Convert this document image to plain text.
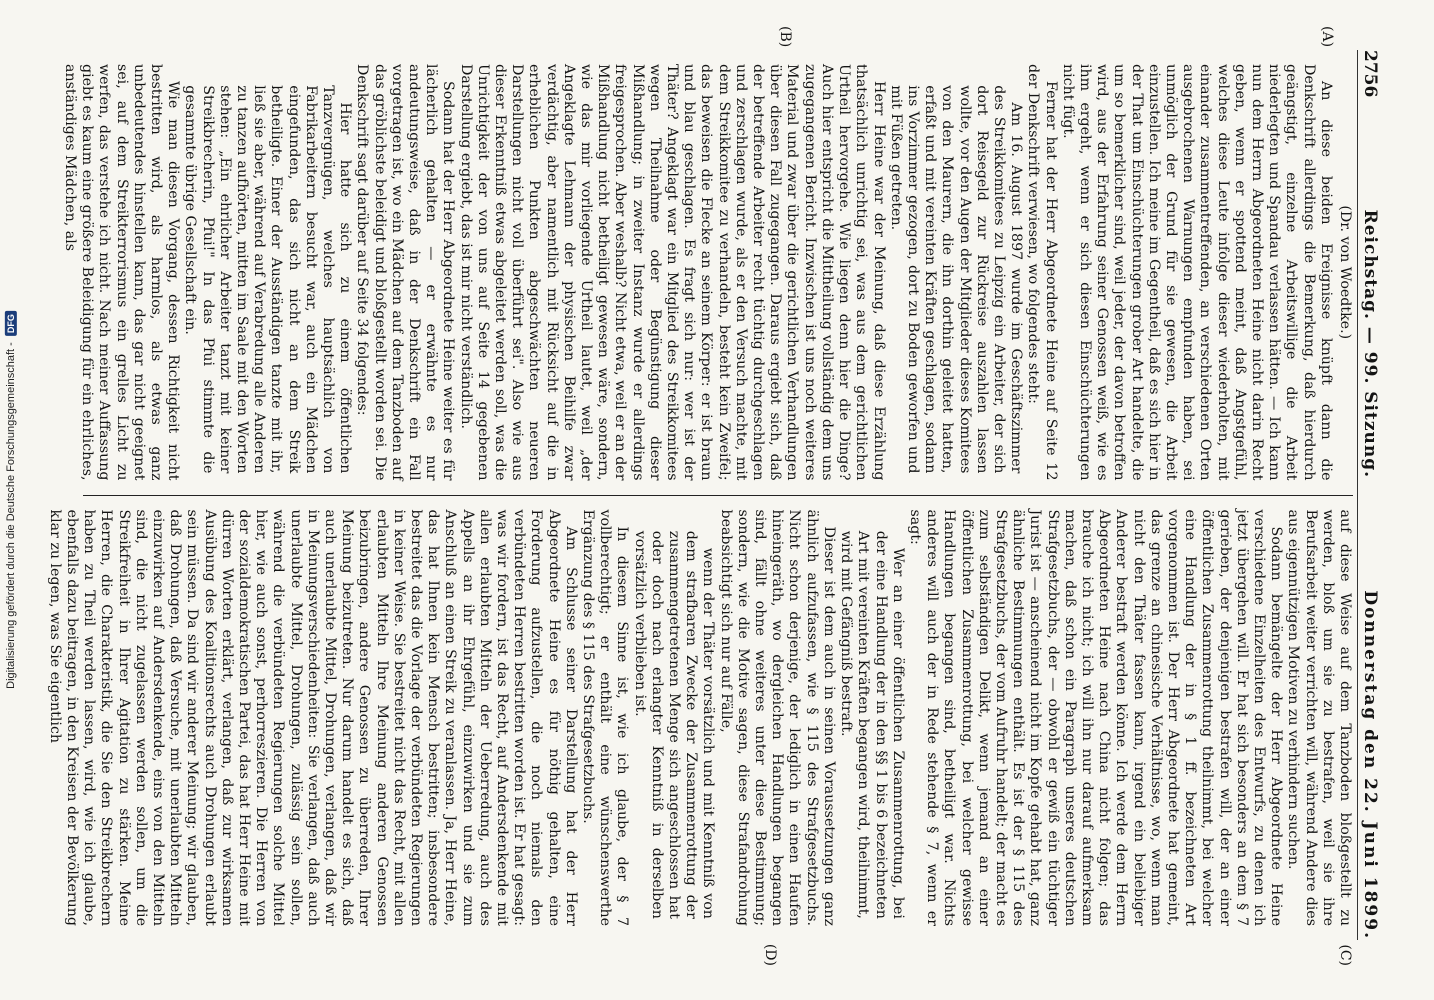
Digitalisierung gefördert durch die Deutsche Forschungsgemeinschaft -
DFG
2756
Reichstag. — 99. Sitzung.
Donnerstag den 22. Juni 1899.
(A)
(B)
(Dr. von Woedtke.)

An diese beiden Ereignisse knüpft dann die Denkschrift allerdings die Bemerkung, daß hierdurch geängstigt, einzelne Arbeitswillige die Arbeit niederlegten und Spandau verlassen hätten. — Ich kann nun dem Herrn Abgeordneten Heine nicht darin Recht geben, wenn er spottend meint, daß Angstgefühl, welches diese Leute infolge dieser wiederholten, mit einander zusammentreffenden, an verschiedenen Orten ausgebrochenen Warnungen empfunden haben, sei unmöglich der Grund für sie gewesen, die Arbeit einzustellen. Ich meine im Gegentheil, daß es sich hier in der That um Einschüchterungen grober Art handelte, die um so bemerklicher sind, weil jeder, der davon betroffen wird, aus der Erfahrung seiner Genossen weiß, wie es ihm ergeht, wenn er sich diesen Einschüchterungen nicht fügt.

Ferner hat der Herr Abgeordnete Heine auf Seite 12 der Denkschrift verwiesen, wo folgendes steht:

Am 16. August 1897 wurde im Geschäftszimmer des Streikkomitees zu Leipzig ein Arbeiter, der sich dort Reisegeld zur Rückreise auszahlen lassen wollte, vor den Augen der Mitglieder dieses Komitees von den Maurern, die ihn dorthin geleitet hatten, erfaßt und mit vereinten Kräften geschlagen, sodann ins Vorzimmer gezogen, dort zu Boden geworfen und mit Füßen getreten.

Herr Heine war der Meinung, daß diese Erzählung thatsächlich unrichtig sei, was aus dem gerichtlichen Urtheil hervorgehe. Wie liegen denn hier die Dinge? Auch hier entspricht die Mittheilung vollständig dem uns zugegangenen Bericht. Inzwischen ist uns noch weiteres Material und zwar über die gerichtlichen Verhandlungen über diesen Fall zugegangen. Daraus ergiebt sich, daß der betreffende Arbeiter recht tüchtig durchgeschlagen und zerschlagen wurde, als er den Versuch machte, mit dem Streikkomitee zu verhandeln, besteht kein Zweifel; das beweisen die Flecke an seinem Körper: er ist braun und blau geschlagen. Es fragt sich nur: wer ist der Thäter? Angeklagt war ein Mitglied des Streikkomitees wegen Theilnahme oder Begünstigung dieser Mißhandlung; in zweiter Instanz wurde er allerdings freigesprochen. Aber weshalb? Nicht etwa, weil er an der Mißhandlung nicht betheiligt gewesen wäre, sondern, wie das mir vorliegende Urtheil lautet, weil „der Angeklagte Lehmann der physischen Beihilfe zwar verdächtig, aber namentlich mit Rücksicht auf die in erheblichen Punkten abgeschwächten neueren Darstellungen nicht voll überführt sei". Also wie aus dieser Erkenntniß etwas abgeleitet werden soll, was die Unrichtigkeit der von uns auf Seite 14 gegebenen Darstellung ergiebt, das ist mir nicht verständlich.

Sodann hat der Herr Abgeordnete Heine weiter es für lächerlich gehalten — er erwähnte es nur andeutungsweise, daß in der Denkschrift ein Fall vorgetragen ist, wo ein Mädchen auf dem Tanzboden auf das gröblichste beleidigt und bloßgestellt worden sei. Die Denkschrift sagt darüber auf Seite 34 folgendes:

Hier hatte sich zu einem öffentlichen Tanzvergnügen, welches hauptsächlich von Fabrikarbeitern besucht war, auch ein Mädchen eingefunden, das sich nicht an dem Streik betheiligte. Einer der Ausständigen tanzte mit ihr, ließ sie aber, während auf Verabredung alle Anderen zu tanzen aufhörten, mitten im Saale mit den Worten stehen: „Ein ehrlicher Arbeiter tanzt mit keiner Streikbrecherin, Pfui!" In das Pfui stimmte die gesammte übrige Gesellschaft ein.

Wie man diesen Vorgang, dessen Richtigkeit nicht bestritten wird, als harmlos, als etwas ganz unbedeutendes hinstellen kann, das gar nicht geeignet sei, auf dem Streikterrorismus ein grelles Licht zu werfen, das verstehe ich nicht. Nach meiner Auffassung giebt es kaum eine größere Beleidigung für ein ehrliches, anständiges Mädchen, als

(C)
(D)

auf diese Weise auf dem Tanzboden bloßgestellt zu werden, bloß um sie zu bestrafen, weil sie ihre Berufsarbeit weiter verrichten will, während Andere dies aus eigennützigen Motiven zu verhindern suchen.

Sodann bemängelte der Herr Abgeordnete Heine verschiedene Einzelheiten des Entwurfs, zu denen ich jetzt übergehen will. Er hat sich besonders an dem § 7 gerieben, der denjenigen bestrafen will, der an einer öffentlichen Zusammenrottung theilnimmt, bei welcher eine Handlung der in § 1 ff. bezeichneten Art vorgenommen ist. Der Herr Abgeordnete hat gemeint, das grenze an chinesische Verhältnisse, wo, wenn man nicht den Thäter fassen kann, irgend ein beliebiger Anderer bestraft werden könne. Ich werde dem Herrn Abgeordneten Heine nach China nicht folgen; das brauche ich nicht; ich will ihn nur darauf aufmerksam machen, daß schon ein Paragraph unseres deutschen Strafgesetzbuchs, der — obwohl er gewiß ein tüchtiger Jurist ist — anscheinend nicht im Kopfe gehabt hat, ganz ähnliche Bestimmungen enthält. Es ist der § 115 des Strafgesetzbuchs, der vom Aufruhr handelt; der macht es zum selbständigen Delikt, wenn jemand an einer öffentlichen Zusammenrottung, bei welcher gewisse Handlungen begangen sind, betheiligt war. Nichts anderes will auch der in Rede stehende § 7, wenn er sagt:

Wer an einer öffentlichen Zusammenrottung, bei der eine Handlung der in den §§ 1 bis 6 bezeichneten Art mit vereinten Kräften begangen wird, theilnimmt, wird mit Gefängniß bestraft.

Dieser ist dem auch in seinen Voraussetzungen ganz ähnlich aufzufassen, wie § 115 des Strafgesetzbuchs. Nicht schon derjenige, der lediglich in einen Haufen hineingeräth, wo dergleichen Handlungen begangen sind, fällt ohne weiteres unter diese Bestimmung; sondern, wie die Motive sagen, diese Strafandrohung beabsichtigt sich nur auf Fälle,

wenn der Thäter vorsätzlich und mit Kenntniß von dem strafbaren Zwecke der Zusammenrottung der zusammengetretenen Menge sich angeschlossen hat oder doch nach erlangter Kenntniß in derselben vorsätzlich verblieben ist.

In diesem Sinne ist, wie ich glaube, der § 7 vollberechtigt; er enthält eine wünschenswerthe Ergänzung des § 115 des Strafgesetzbuchs.

Am Schlusse seiner Darstellung hat der Herr Abgeordnete Heine es für nöthig gehalten, eine Forderung aufzustellen, die noch niemals den verbündeten Herren bestritten worden ist. Er hat gesagt: was wir fordern, ist das Recht, auf Andersdenkende mit allen erlaubten Mitteln der Ueberredung, auch des Appells an ihr Ehrgefühl, einzuwirken und sie zum Anschluß an einen Streik zu veranlassen. Ja, Herr Heine, das hat Ihnen kein Mensch bestritten; insbesondere bestreitet das die Vorlage der verbündeten Regierungen in keiner Weise. Sie bestreitet nicht das Recht, mit allen erlaubten Mitteln Ihre Meinung anderen Genossen beizubringen, andere Genossen zu überreden, Ihrer Meinung beizutreten. Nur darum handelt es sich, daß auch unerlaubte Mittel, Drohungen, verlangen, daß wir in Meinungsverschiedenheiten: Sie verlangen, daß auch unerlaubte Mittel, Drohungen, zulässig sein sollen, während die verbündeten Regierungen solche Mittel hier, wie auch sonst, perhorreszieren. Die Herren von der sozialdemokratischen Partei, das hat Herr Heine mit dürren Worten erklärt, verlangen, daß zur wirksamen Ausübung des Koalitionsrechts auch Drohungen erlaubt sein müssen. Da sind wir anderer Meinung; wir glauben, daß Drohungen, daß Versuche, mit unerlaubten Mitteln einzuwirken auf Andersdenkende, eins von den Mitteln sind, die nicht zugelassen werden sollen, um die Streikfreiheit in Ihrer Agitation zu stärken. Meine Herren, die Charakteristik, die Sie den Streikbrechern haben zu Theil werden lassen, wird, wie ich glaube, ebenfalls dazu beitragen, in den Kreisen der Bevölkerung klar zu legen, was Sie eigentlich
